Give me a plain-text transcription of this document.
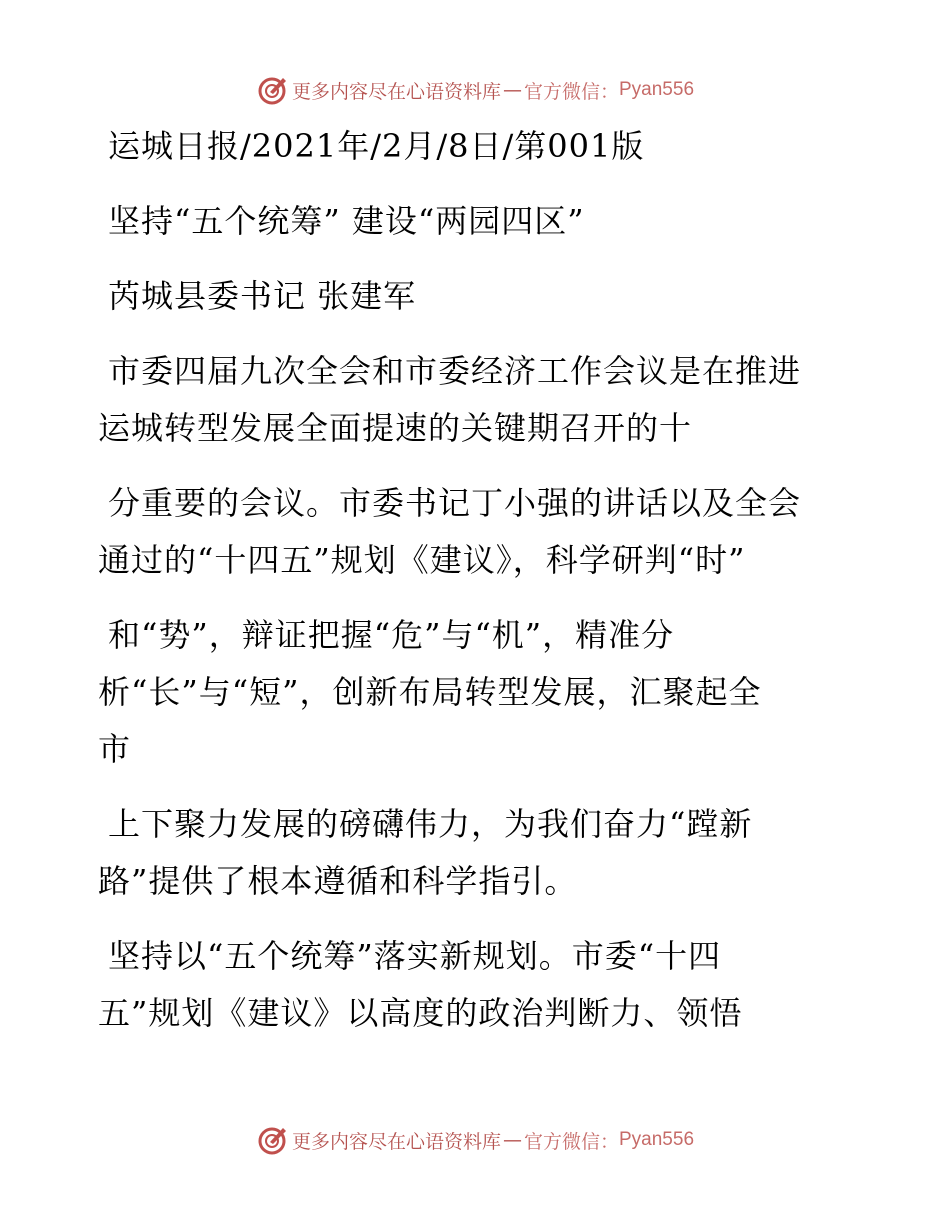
更多内容尽在心语资料库 — 官方微信： Pyan556
运城日报/2021年/2月/8日/第001版
坚持“五个统筹” 建设“两园四区”
芮城县委书记 张建军
市委四届九次全会和市委经济工作会议是在推进
运城转型发展全面提速的关键期召开的十
分重要的会议。市委书记丁小强的讲话以及全会
通过的“十四五”规划《建议》，科学研判“时”
和“势”，辩证把握“危”与“机”，精准分
析“长”与“短”，创新布局转型发展，汇聚起全
市
上下聚力发展的磅礴伟力，为我们奋力“蹚新
路”提供了根本遵循和科学指引。
坚持以“五个统筹”落实新规划。市委“十四
五”规划《建议》以高度的政治判断力、领悟
更多内容尽在心语资料库 — 官方微信： Pyan556
